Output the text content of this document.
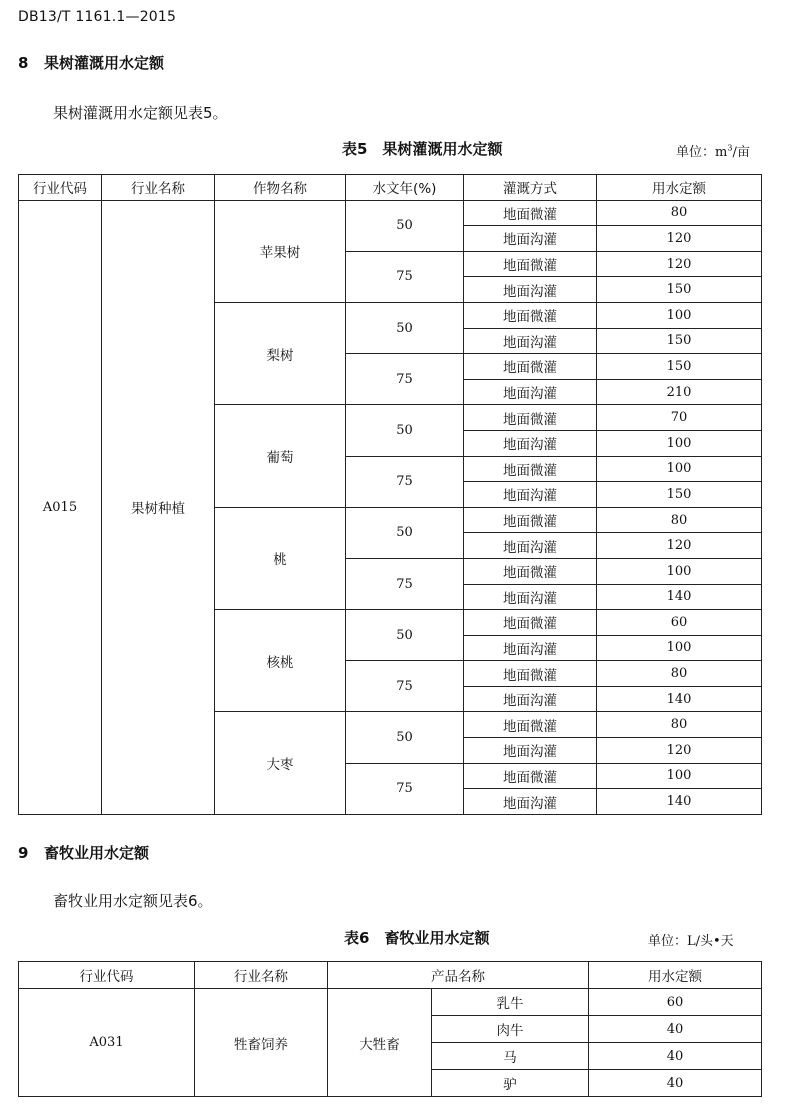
DB13/T 1161.1—2015
8 果树灌溉用水定额
果树灌溉用水定额见表5。
表5　果树灌溉用水定额	单位：$m^3/$亩
行业代码	行业名称	作物名称	水文年(%)	灌溉方式	用水定额
A015	果树种植	苹果树	50	地面微灌	80
				地面沟灌	120
			75	地面微灌	120
				地面沟灌	150
		梨树	50	地面微灌	100
				地面沟灌	150
			75	地面微灌	150
				地面沟灌	210
		葡萄	50	地面微灌	70
				地面沟灌	100
			75	地面微灌	100
				地面沟灌	150
		桃	50	地面微灌	80
				地面沟灌	120
			75	地面微灌	100
				地面沟灌	140
		核桃	50	地面微灌	60
				地面沟灌	100
			75	地面微灌	80
				地面沟灌	140
		大枣	50	地面微灌	80
				地面沟灌	120
			75	地面微灌	100
				地面沟灌	140
9 畜牧业用水定额
畜牧业用水定额见表6。
表6　畜牧业用水定额	单位：L/头•天
行业代码	行业名称	产品名称		用水定额
A031	牲畜饲养	大牲畜	乳牛	60
			肉牛	40
			马	40
			驴	40
